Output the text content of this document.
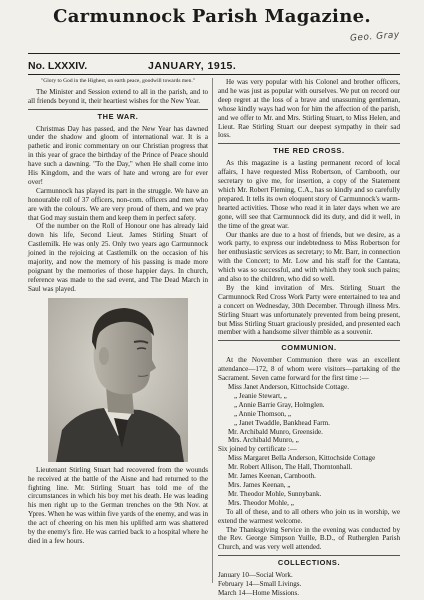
Carmunnock Parish Magazine.
Geo. Gray
No. LXXXIV.	JANUARY, 1915.
"Glory to God in the Highest, on earth peace, goodwill towards men."

The Minister and Session extend to all in the parish, and to all friends beyond it, their heartiest wishes for the New Year.

THE WAR.

Christmas Day has passed, and the New Year has dawned under the shadow and gloom of international war. It is a pathetic and ironic commentary on our Christian progress that in this year of grace the birthday of the Prince of Peace should have such a dawning. "To the Day," when He shall come into His Kingdom, and the wars of hate and wrong are for ever over!

Carmunnock has played its part in the struggle. We have an honourable roll of 37 officers, non-com. officers and men who are with the colours. We are very proud of them, and we pray that God may sustain them and keep them in perfect safety.

Of the number on the Roll of Honour one has already laid down his life, Second Lieut. James Stirling Stuart of Castlemilk. He was only 25. Only two years ago Carmunnock joined in the rejoicing at Castlemilk on the occasion of his majority, and now the memory of his passing is made more poignant by the memories of those happier days. In church, reference was made to the sad event, and The Dead March in Saul was played.

Lieutenant Stirling Stuart had recovered from the wounds he received at the battle of the Aisne and had returned to the fighting line. Mr. Stirling Stuart has told me of the circumstances in which his boy met his death. He was leading his men right up to the German trenches on the 9th Nov. at Ypres. When he was within five yards of the enemy, and was in the act of cheering on his men his uplifted arm was shattered by the enemy's fire. He was carried back to a hospital where he died in a few hours.

He was very popular with his Colonel and brother officers, and he was just as popular with ourselves. We put on record our deep regret at the loss of a brave and unassuming gentleman, whose kindly ways had won for him the affection of the parish, and we offer to Mr. and Mrs. Stirling Stuart, to Miss Helen, and Lieut. Rae Stirling Stuart our deepest sympathy in their sad loss.

THE RED CROSS.

As this magazine is a lasting permanent record of local affairs, I have requested Miss Robertson, of Carnbooth, our secretary to give me, for insertion, a copy of the Statement which Mr. Robert Fleming, C.A., has so kindly and so carefully prepared. It tells its own eloquent story of Carmunnock's warm-hearted activities. Those who read it in later days when we are gone, will see that Carmunnock did its duty, and did it well, in the time of the great war.

Our thanks are due to a host of friends, but we desire, as a work party, to express our indebtedness to Miss Robertson for her enthusiastic services as secretary; to Mr. Barr, in connection with the Concert; to Mr. Low and his staff for the Cantata, which was so successful, and with which they took such pains; and also to the children, who did so well.

By the kind invitation of Mrs. Stirling Stuart the Carmunnock Red Cross Work Party were entertained to tea and a concert on Wednesday, 30th December. Through illness Mrs. Stirling Stuart was unfortunately prevented from being present, but Miss Stirling Stuart graciously presided, and presented each member with a handsome silver thimble as a souvenir.

COMMUNION.

At the November Communion there was an excellent attendance—172, 8 of whom were visitors—partaking of the Sacrament. Seven came forward for the first time :—

Miss Janet Anderson, Kittochside Cottage.
„ Jeanie Stewart, „
„ Annie Barrie Gray, Holmglen.
„ Annie Thomson, „
„ Janet Twaddle, Bankhead Farm.
Mr. Archibald Munro, Greenside.
Mrs. Archibald Munro, „

Six joined by certificate :—

Miss Margaret Bella Anderson, Kittochside Cottage
Mr. Robert Allison, The Hall, Thorntonhall.
Mr. James Keenan, Carnbooth.
Mrs. James Keenan, „
Mr. Theodor Mohle, Sunnybank.
Mrs. Theodor Mohle, „

To all of these, and to all others who join us in worship, we extend the warmest welcome.

The Thanksgiving Service in the evening was conducted by the Rev. George Simpson Yuille, B.D., of Rutherglen Parish Church, and was very well attended.

COLLECTIONS.
January 10—Social Work.
February 14—Small Livings.
March 14—Home Missions.
